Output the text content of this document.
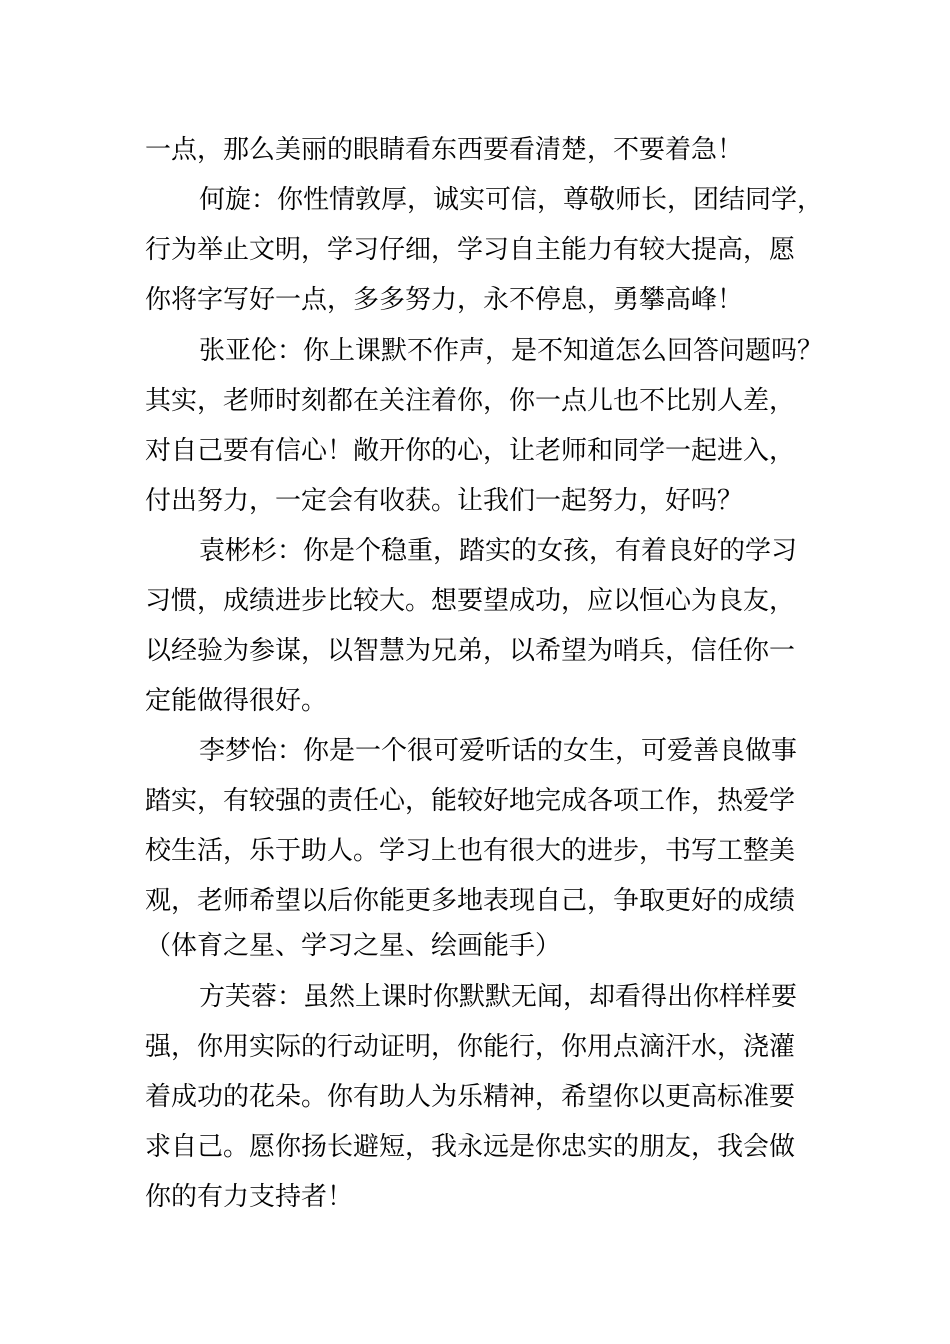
一点，那么美丽的眼睛看东西要看清楚，不要着急！
何旋：你性情敦厚，诚实可信，尊敬师长，团结同学，
行为举止文明，学习仔细，学习自主能力有较大提高，愿
你将字写好一点，多多努力，永不停息，勇攀高峰！
张亚伦：你上课默不作声，是不知道怎么回答问题吗？
其实，老师时刻都在关注着你，你一点儿也不比别人差，
对自己要有信心！敞开你的心，让老师和同学一起进入，
付出努力，一定会有收获。让我们一起努力，好吗？
袁彬杉：你是个稳重，踏实的女孩，有着良好的学习
习惯，成绩进步比较大。想要望成功，应以恒心为良友，
以经验为参谋，以智慧为兄弟，以希望为哨兵，信任你一
定能做得很好。
李梦怡：你是一个很可爱听话的女生，可爱善良做事
踏实，有较强的责任心，能较好地完成各项工作，热爱学
校生活，乐于助人。学习上也有很大的进步，书写工整美
观，老师希望以后你能更多地表现自己，争取更好的成绩
（体育之星、学习之星、绘画能手）
方芙蓉：虽然上课时你默默无闻，却看得出你样样要
强，你用实际的行动证明，你能行，你用点滴汗水，浇灌
着成功的花朵。你有助人为乐精神，希望你以更高标准要
求自己。愿你扬长避短，我永远是你忠实的朋友，我会做
你的有力支持者！
